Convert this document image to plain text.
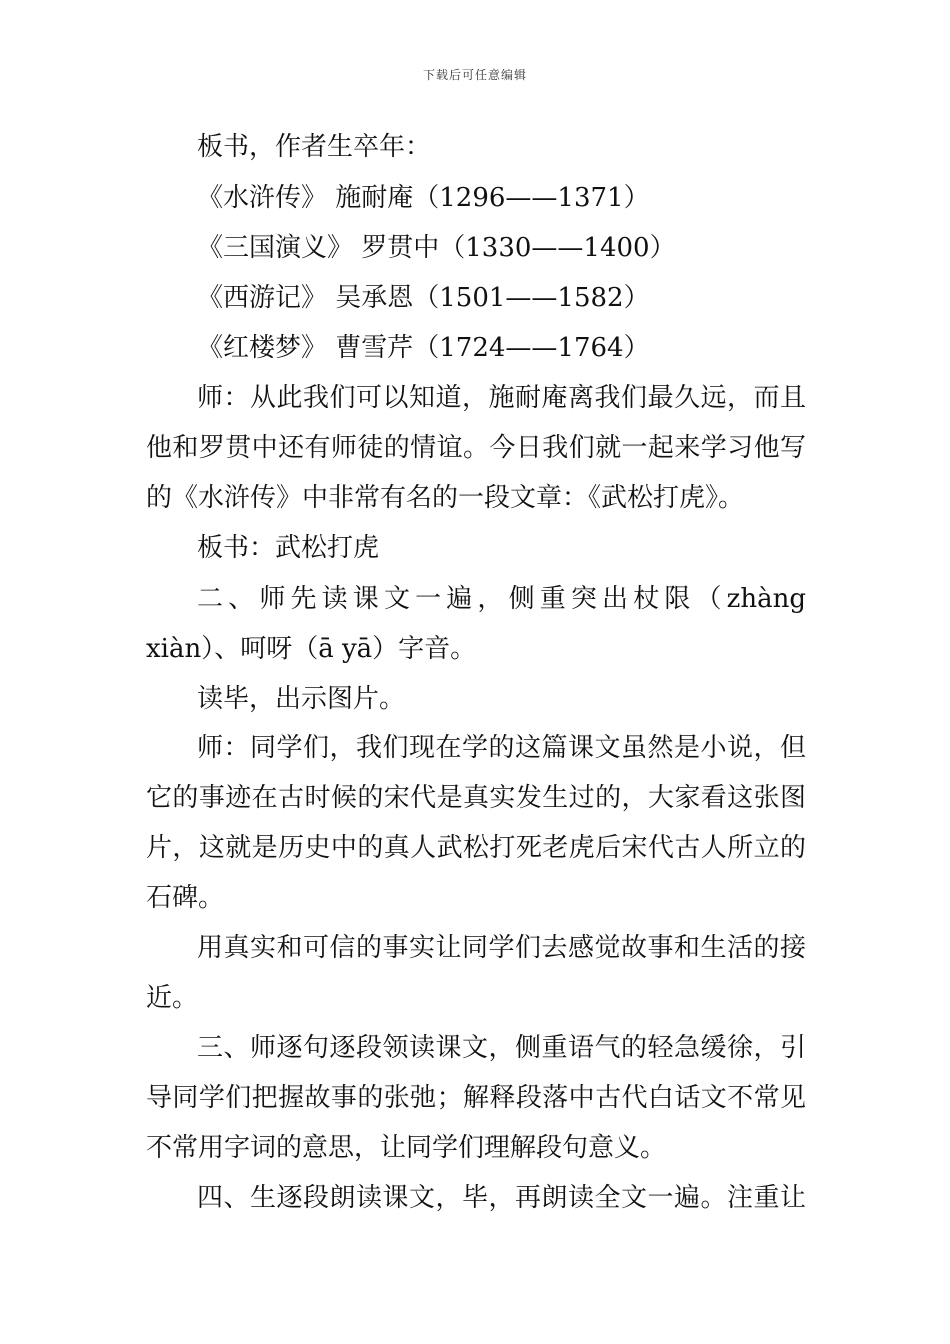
下载后可任意编辑
板书，作者生卒年：
《水浒传》 施耐庵（1296——1371）
《三国演义》 罗贯中（1330——1400）
《西游记》 吴承恩（1501——1582）
《红楼梦》 曹雪芹（1724——1764）
师：从此我们可以知道，施耐庵离我们最久远，而且
他和罗贯中还有师徒的情谊。今日我们就一起来学习他写
的《水浒传》中非常有名的一段文章：《武松打虎》。
板书：武松打虎
二、师先读课文一遍，侧重突出杖限（zhàng
xiàn）、呵呀（ā yā）字音。
读毕，出示图片。
师：同学们，我们现在学的这篇课文虽然是小说，但
它的事迹在古时候的宋代是真实发生过的，大家看这张图
片，这就是历史中的真人武松打死老虎后宋代古人所立的
石碑。
用真实和可信的事实让同学们去感觉故事和生活的接
近。
三、师逐句逐段领读课文，侧重语气的轻急缓徐，引
导同学们把握故事的张弛；解释段落中古代白话文不常见
不常用字词的意思，让同学们理解段句意义。
四、生逐段朗读课文，毕，再朗读全文一遍。注重让
